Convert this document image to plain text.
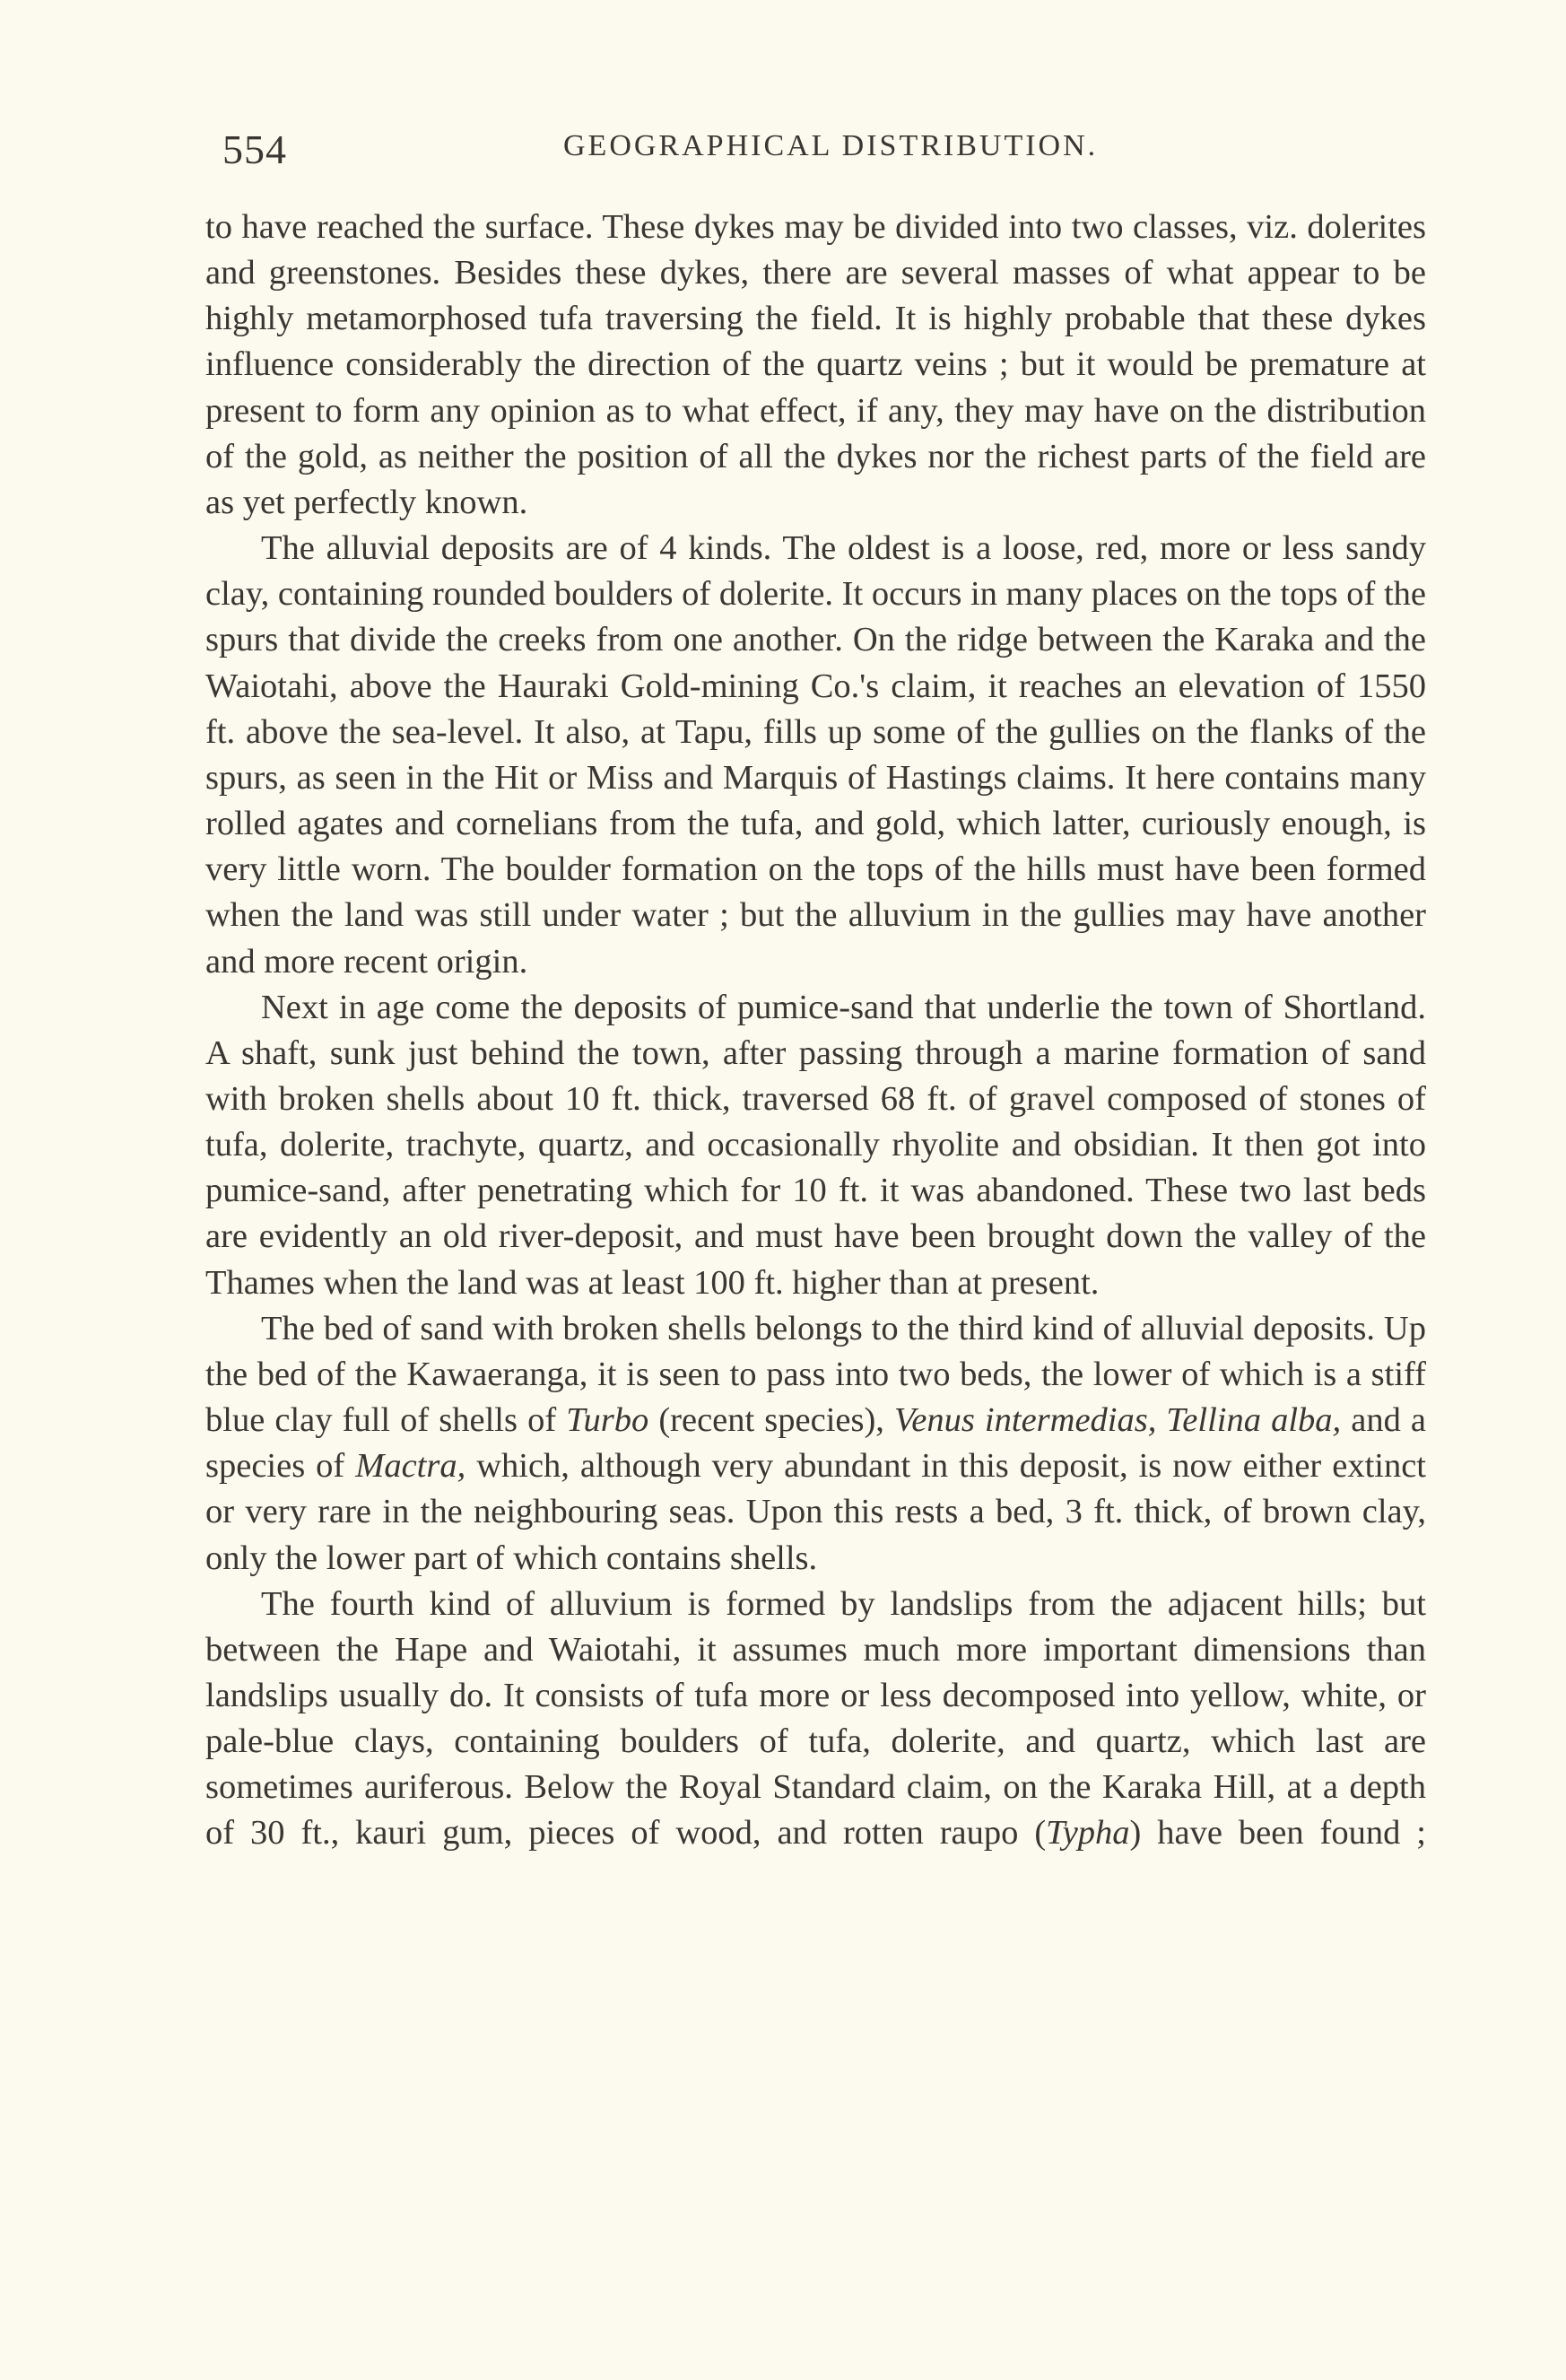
554	GEOGRAPHICAL DISTRIBUTION.

to have reached the surface. These dykes may be divided into two classes, viz. dolerites and greenstones. Besides these dykes, there are several masses of what appear to be highly metamorphosed tufa traversing the field. It is highly probable that these dykes influence considerably the direction of the quartz veins ; but it would be premature at present to form any opinion as to what effect, if any, they may have on the distribution of the gold, as neither the position of all the dykes nor the richest parts of the field are as yet perfectly known.

The alluvial deposits are of 4 kinds. The oldest is a loose, red, more or less sandy clay, containing rounded boulders of dolerite. It occurs in many places on the tops of the spurs that divide the creeks from one another. On the ridge between the Karaka and the Waiotahi, above the Hauraki Gold-mining Co.'s claim, it reaches an elevation of 1550 ft. above the sea-level. It also, at Tapu, fills up some of the gullies on the flanks of the spurs, as seen in the Hit or Miss and Marquis of Hastings claims. It here contains many rolled agates and cornelians from the tufa, and gold, which latter, curiously enough, is very little worn. The boulder formation on the tops of the hills must have been formed when the land was still under water ; but the alluvium in the gullies may have another and more recent origin.

Next in age come the deposits of pumice-sand that underlie the town of Shortland. A shaft, sunk just behind the town, after passing through a marine formation of sand with broken shells about 10 ft. thick, traversed 68 ft. of gravel composed of stones of tufa, dolerite, trachyte, quartz, and occasionally rhyolite and obsidian. It then got into pumice-sand, after penetrating which for 10 ft. it was abandoned. These two last beds are evidently an old river-deposit, and must have been brought down the valley of the Thames when the land was at least 100 ft. higher than at present.

The bed of sand with broken shells belongs to the third kind of alluvial deposits. Up the bed of the Kawaeranga, it is seen to pass into two beds, the lower of which is a stiff blue clay full of shells of Turbo (recent species), Venus intermedias, Tellina alba, and a species of Mactra, which, although very abundant in this deposit, is now either extinct or very rare in the neighbouring seas. Upon this rests a bed, 3 ft. thick, of brown clay, only the lower part of which contains shells.

The fourth kind of alluvium is formed by landslips from the adjacent hills; but between the Hape and Waiotahi, it assumes much more important dimensions than landslips usually do. It consists of tufa more or less decomposed into yellow, white, or pale-blue clays, containing boulders of tufa, dolerite, and quartz, which last are sometimes auriferous. Below the Royal Standard claim, on the Karaka Hill, at a depth of 30 ft., kauri gum, pieces of wood, and rotten raupo (Typha) have been found ;
